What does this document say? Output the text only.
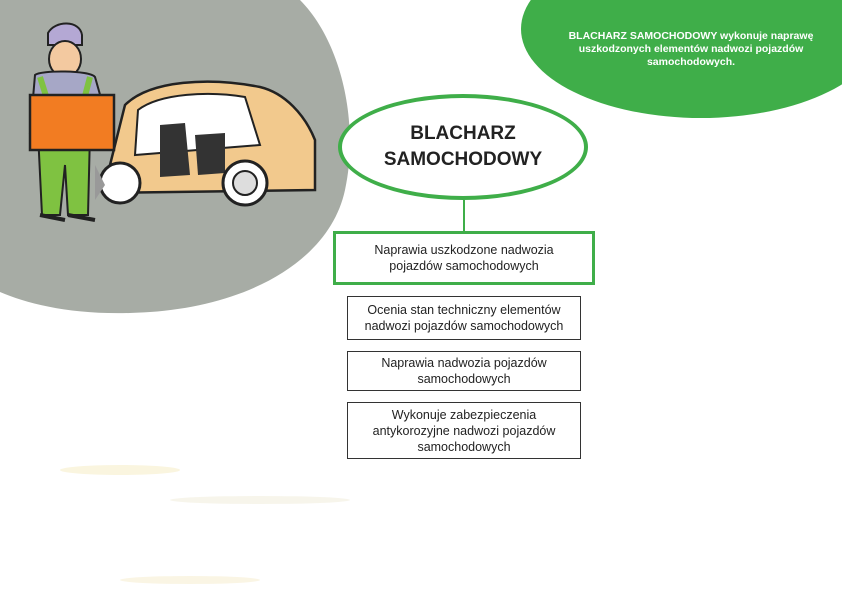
BLACHARZ SAMOCHODOWY wykonuje naprawę uszkodzonych elementów nadwozi pojazdów samochodowych.
BLACHARZ SAMOCHODOWY
Naprawia uszkodzone nadwozia pojazdów samochodowych
Ocenia stan techniczny elementów nadwozi pojazdów samochodowych
Naprawia nadwozia pojazdów samochodowych
Wykonuje zabezpieczenia antykorozyjne nadwozi pojazdów samochodowych
